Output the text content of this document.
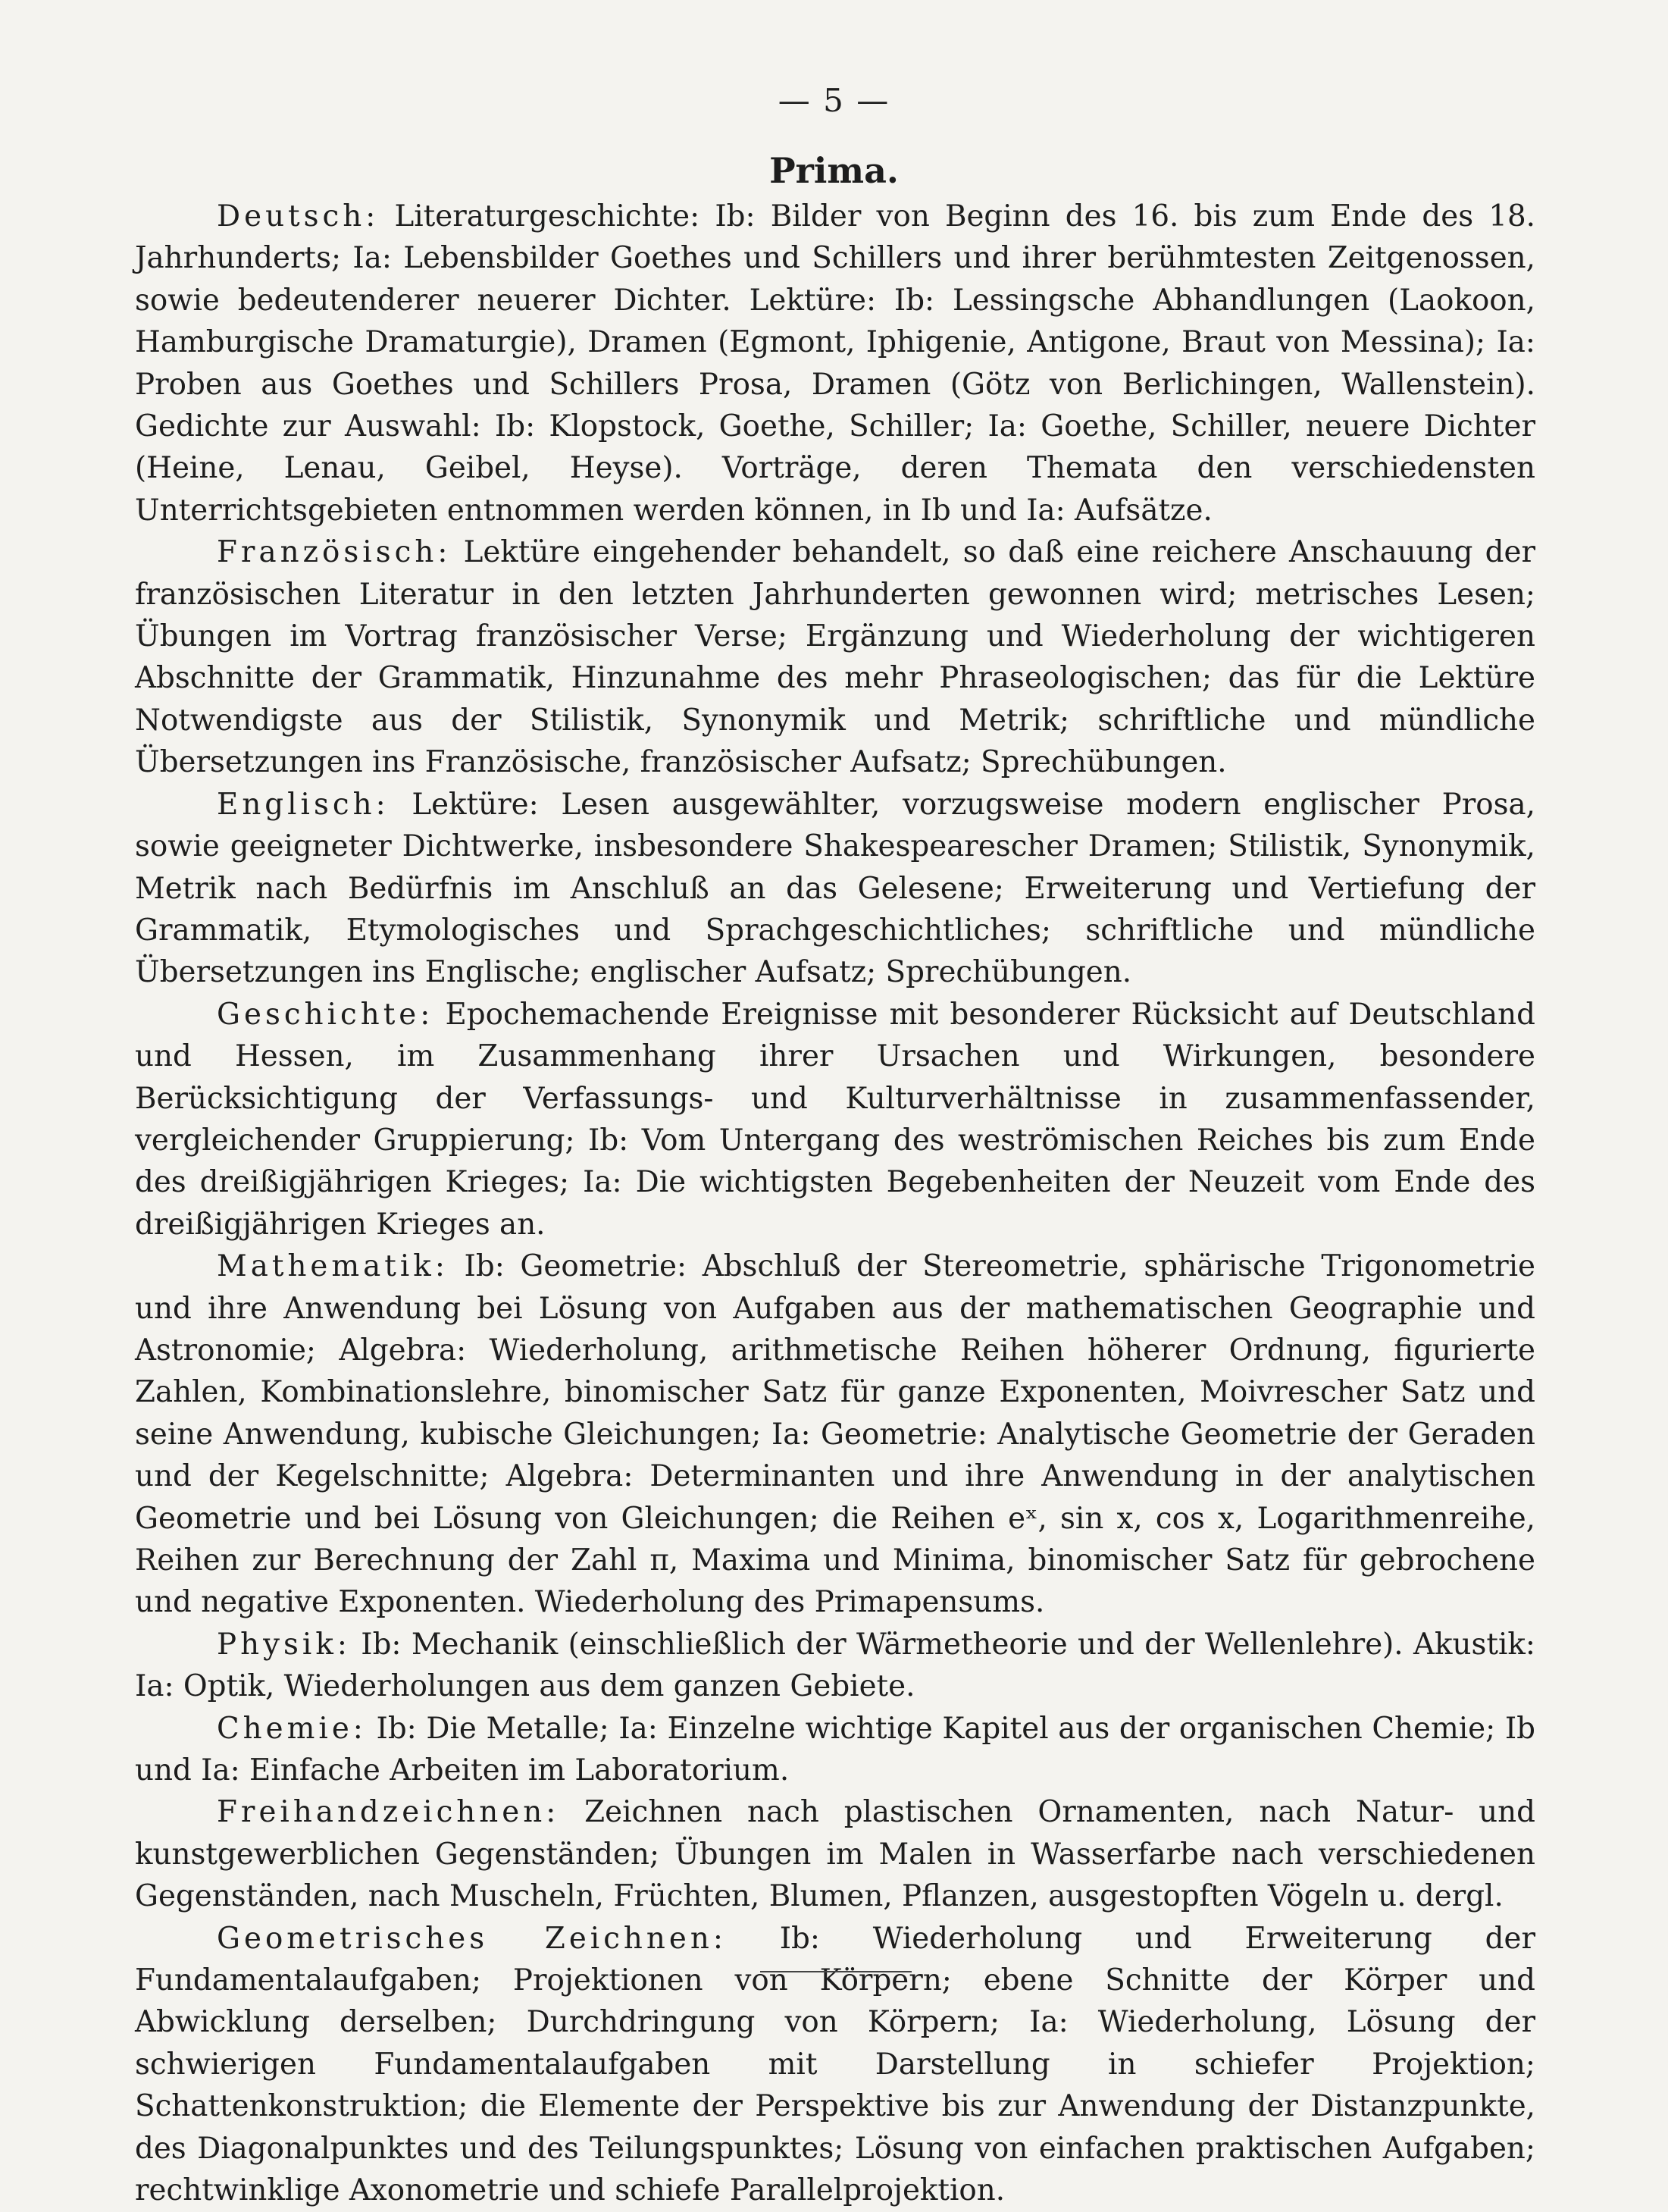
— 5 —
Prima.

Deutsch: Literaturgeschichte: Ib: Bilder von Beginn des 16. bis zum Ende des 18. Jahrhunderts; Ia: Lebensbilder Goethes und Schillers und ihrer berühmtesten Zeitgenossen, sowie bedeutenderer neuerer Dichter. Lektüre: Ib: Lessingsche Abhandlungen (Laokoon, Hamburgische Dramaturgie), Dramen (Egmont, Iphigenie, Antigone, Braut von Messina); Ia: Proben aus Goethes und Schillers Prosa, Dramen (Götz von Berlichingen, Wallenstein). Gedichte zur Auswahl: Ib: Klopstock, Goethe, Schiller; Ia: Goethe, Schiller, neuere Dichter (Heine, Lenau, Geibel, Heyse). Vorträge, deren Themata den verschiedensten Unterrichtsgebieten entnommen werden können, in Ib und Ia: Aufsätze.

Französisch: Lektüre eingehender behandelt, so daß eine reichere Anschauung der französischen Literatur in den letzten Jahrhunderten gewonnen wird; metrisches Lesen; Übungen im Vortrag französischer Verse; Ergänzung und Wiederholung der wichtigeren Abschnitte der Grammatik, Hinzunahme des mehr Phraseologischen; das für die Lektüre Notwendigste aus der Stilistik, Synonymik und Metrik; schriftliche und mündliche Übersetzungen ins Französische, französischer Aufsatz; Sprechübungen.

Englisch: Lektüre: Lesen ausgewählter, vorzugsweise modern englischer Prosa, sowie geeigneter Dichtwerke, insbesondere Shakespearescher Dramen; Stilistik, Synonymik, Metrik nach Bedürfnis im Anschluß an das Gelesene; Erweiterung und Vertiefung der Grammatik, Etymologisches und Sprachgeschichtliches; schriftliche und mündliche Übersetzungen ins Englische; englischer Aufsatz; Sprechübungen.

Geschichte: Epochemachende Ereignisse mit besonderer Rücksicht auf Deutschland und Hessen, im Zusammenhang ihrer Ursachen und Wirkungen, besondere Berücksichtigung der Verfassungs- und Kulturverhältnisse in zusammenfassender, vergleichender Gruppierung; Ib: Vom Untergang des weströmischen Reiches bis zum Ende des dreißigjährigen Krieges; Ia: Die wichtigsten Begebenheiten der Neuzeit vom Ende des dreißigjährigen Krieges an.

Mathematik: Ib: Geometrie: Abschluß der Stereometrie, sphärische Trigonometrie und ihre Anwendung bei Lösung von Aufgaben aus der mathematischen Geographie und Astronomie; Algebra: Wiederholung, arithmetische Reihen höherer Ordnung, figurierte Zahlen, Kombinationslehre, binomischer Satz für ganze Exponenten, Moivrescher Satz und seine Anwendung, kubische Gleichungen; Ia: Geometrie: Analytische Geometrie der Geraden und der Kegelschnitte; Algebra: Determinanten und ihre Anwendung in der analytischen Geometrie und bei Lösung von Gleichungen; die Reihen eˣ, sin x, cos x, Logarithmenreihe, Reihen zur Berechnung der Zahl π, Maxima und Minima, binomischer Satz für gebrochene und negative Exponenten. Wiederholung des Primapensums.

Physik: Ib: Mechanik (einschließlich der Wärmetheorie und der Wellenlehre). Akustik: Ia: Optik, Wiederholungen aus dem ganzen Gebiete.

Chemie: Ib: Die Metalle; Ia: Einzelne wichtige Kapitel aus der organischen Chemie; Ib und Ia: Einfache Arbeiten im Laboratorium.

Freihandzeichnen: Zeichnen nach plastischen Ornamenten, nach Natur- und kunstgewerblichen Gegenständen; Übungen im Malen in Wasserfarbe nach verschiedenen Gegenständen, nach Muscheln, Früchten, Blumen, Pflanzen, ausgestopften Vögeln u. dergl.

Geometrisches Zeichnen: Ib: Wiederholung und Erweiterung der Fundamentalaufgaben; Projektionen von Körpern; ebene Schnitte der Körper und Abwicklung derselben; Durchdringung von Körpern; Ia: Wiederholung, Lösung der schwierigen Fundamentalaufgaben mit Darstellung in schiefer Projektion; Schattenkonstruktion; die Elemente der Perspektive bis zur Anwendung der Distanzpunkte, des Diagonalpunktes und des Teilungspunktes; Lösung von einfachen praktischen Aufgaben; rechtwinklige Axonometrie und schiefe Parallelprojektion.
